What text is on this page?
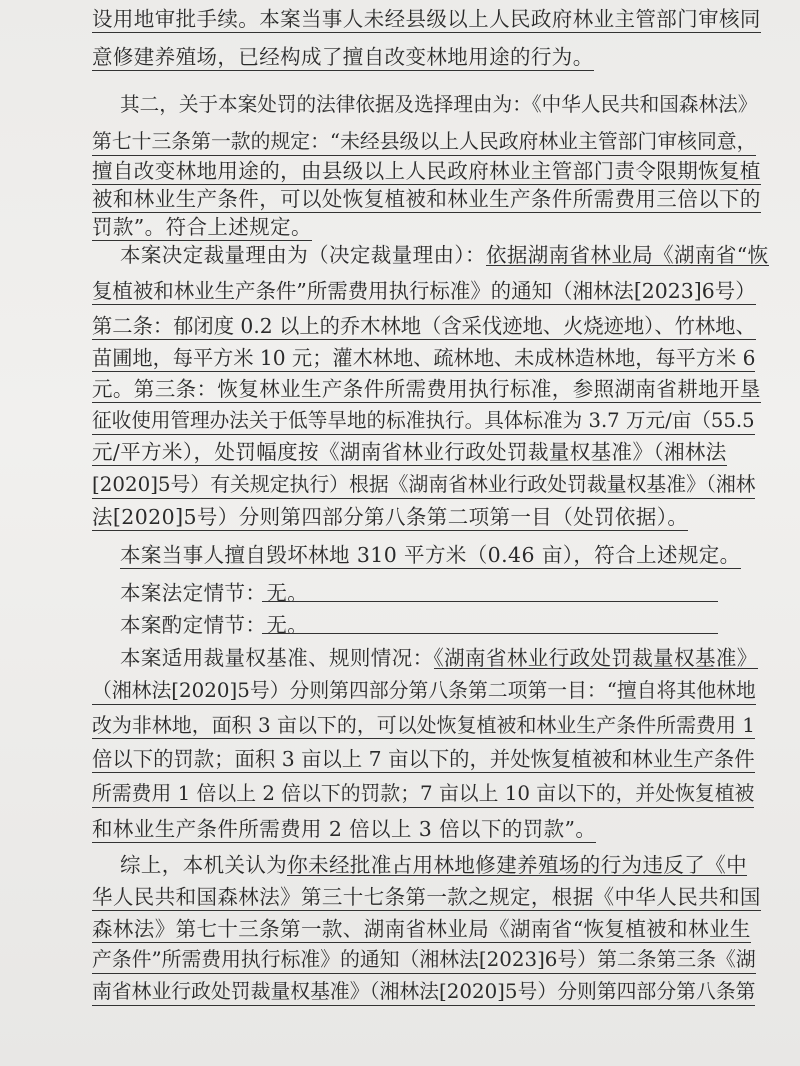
设用地审批手续。本案当事人未经县级以上人民政府林业主管部门审核同
意修建养殖场，已经构成了擅自改变林地用途的行为。
其二，关于本案处罚的法律依据及选择理由为：《中华人民共和国森林法》
第七十三条第一款的规定：“未经县级以上人民政府林业主管部门审核同意，
擅自改变林地用途的，由县级以上人民政府林业主管部门责令限期恢复植
被和林业生产条件，可以处恢复植被和林业生产条件所需费用三倍以下的
罚款”。符合上述规定。
本案决定裁量理由为（决定裁量理由）：依据湖南省林业局《湖南省“恢
复植被和林业生产条件”所需费用执行标准》的通知（湘林法[2023]6号）
第二条：郁闭度 0.2 以上的乔木林地（含采伐迹地、火烧迹地）、竹林地、
苗圃地，每平方米 10 元；灌木林地、疏林地、未成林造林地，每平方米 6
元。第三条：恢复林业生产条件所需费用执行标准，参照湖南省耕地开垦
征收使用管理办法关于低等旱地的标准执行。具体标准为 3.7 万元/亩（55.5
元/平方米），处罚幅度按《湖南省林业行政处罚裁量权基准》（湘林法
[2020]5号）有关规定执行）根据《湖南省林业行政处罚裁量权基准》（湘林
法[2020]5号）分则第四部分第八条第二项第一目（处罚依据）。
本案当事人擅自毁坏林地 310 平方米（0.46 亩），符合上述规定。
本案法定情节：无。
本案酌定情节：无。
本案适用裁量权基准、规则情况：《湖南省林业行政处罚裁量权基准》
（湘林法[2020]5号）分则第四部分第八条第二项第一目：“擅自将其他林地
改为非林地，面积 3 亩以下的，可以处恢复植被和林业生产条件所需费用 1
倍以下的罚款；面积 3 亩以上 7 亩以下的，并处恢复植被和林业生产条件
所需费用 1 倍以上 2 倍以下的罚款；7 亩以上 10 亩以下的，并处恢复植被
和林业生产条件所需费用 2 倍以上 3 倍以下的罚款”。
综上，本机关认为你未经批准占用林地修建养殖场的行为违反了《中
华人民共和国森林法》第三十七条第一款之规定，根据《中华人民共和国
森林法》第七十三条第一款、湖南省林业局《湖南省“恢复植被和林业生
产条件”所需费用执行标准》的通知（湘林法[2023]6号）第二条第三条《湖
南省林业行政处罚裁量权基准》（湘林法[2020]5号）分则第四部分第八条第
